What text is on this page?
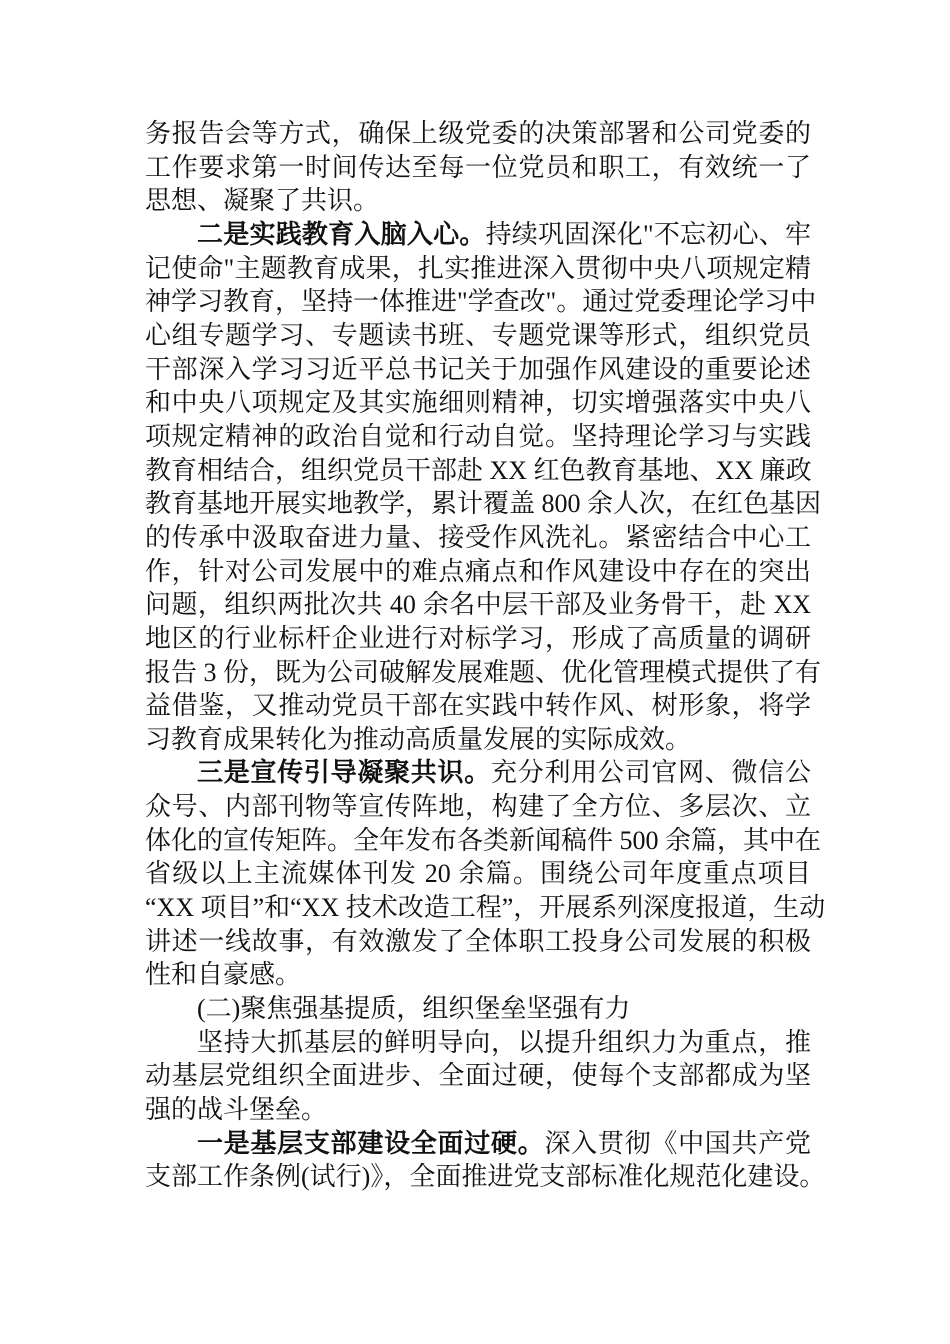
务报告会等方式，确保上级党委的决策部署和公司党委的
工作要求第一时间传达至每一位党员和职工，有效统一了
思想、凝聚了共识。
二是实践教育入脑入心。持续巩固深化"不忘初心、牢
记使命"主题教育成果，扎实推进深入贯彻中央八项规定精
神学习教育，坚持一体推进"学查改"。通过党委理论学习中
心组专题学习、专题读书班、专题党课等形式，组织党员
干部深入学习习近平总书记关于加强作风建设的重要论述
和中央八项规定及其实施细则精神，切实增强落实中央八
项规定精神的政治自觉和行动自觉。坚持理论学习与实践
教育相结合，组织党员干部赴 XX 红色教育基地、XX 廉政
教育基地开展实地教学，累计覆盖 800 余人次，在红色基因
的传承中汲取奋进力量、接受作风洗礼。紧密结合中心工
作，针对公司发展中的难点痛点和作风建设中存在的突出
问题，组织两批次共 40 余名中层干部及业务骨干，赴 XX
地区的行业标杆企业进行对标学习，形成了高质量的调研
报告 3 份，既为公司破解发展难题、优化管理模式提供了有
益借鉴，又推动党员干部在实践中转作风、树形象，将学
习教育成果转化为推动高质量发展的实际成效。
三是宣传引导凝聚共识。充分利用公司官网、微信公
众号、内部刊物等宣传阵地，构建了全方位、多层次、立
体化的宣传矩阵。全年发布各类新闻稿件 500 余篇，其中在
省级以上主流媒体刊发 20 余篇。围绕公司年度重点项目
“XX 项目”和“XX 技术改造工程”，开展系列深度报道，生动
讲述一线故事，有效激发了全体职工投身公司发展的积极
性和自豪感。
(二)聚焦强基提质，组织堡垒坚强有力
坚持大抓基层的鲜明导向，以提升组织力为重点，推
动基层党组织全面进步、全面过硬，使每个支部都成为坚
强的战斗堡垒。
一是基层支部建设全面过硬。深入贯彻《中国共产党
支部工作条例(试行)》，全面推进党支部标准化规范化建设。
